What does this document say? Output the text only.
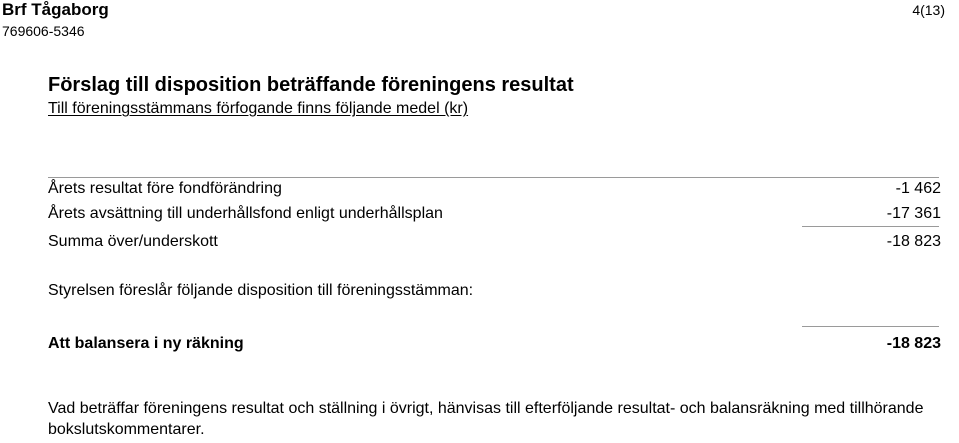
Brf Tågaborg
769606-5346
4(13)
Förslag till disposition beträffande föreningens resultat
Till föreningsstämmans förfogande finns följande medel (kr)
Årets resultat före fondförändring	-1 462
Årets avsättning till underhållsfond enligt underhållsplan	-17 361
Summa över/underskott	-18 823
Styrelsen föreslår följande disposition till föreningsstämman:
Att balansera i ny räkning	-18 823
Vad beträffar föreningens resultat och ställning i övrigt, hänvisas till efterföljande resultat- och balansräkning med tillhörande bokslutskommentarer.
